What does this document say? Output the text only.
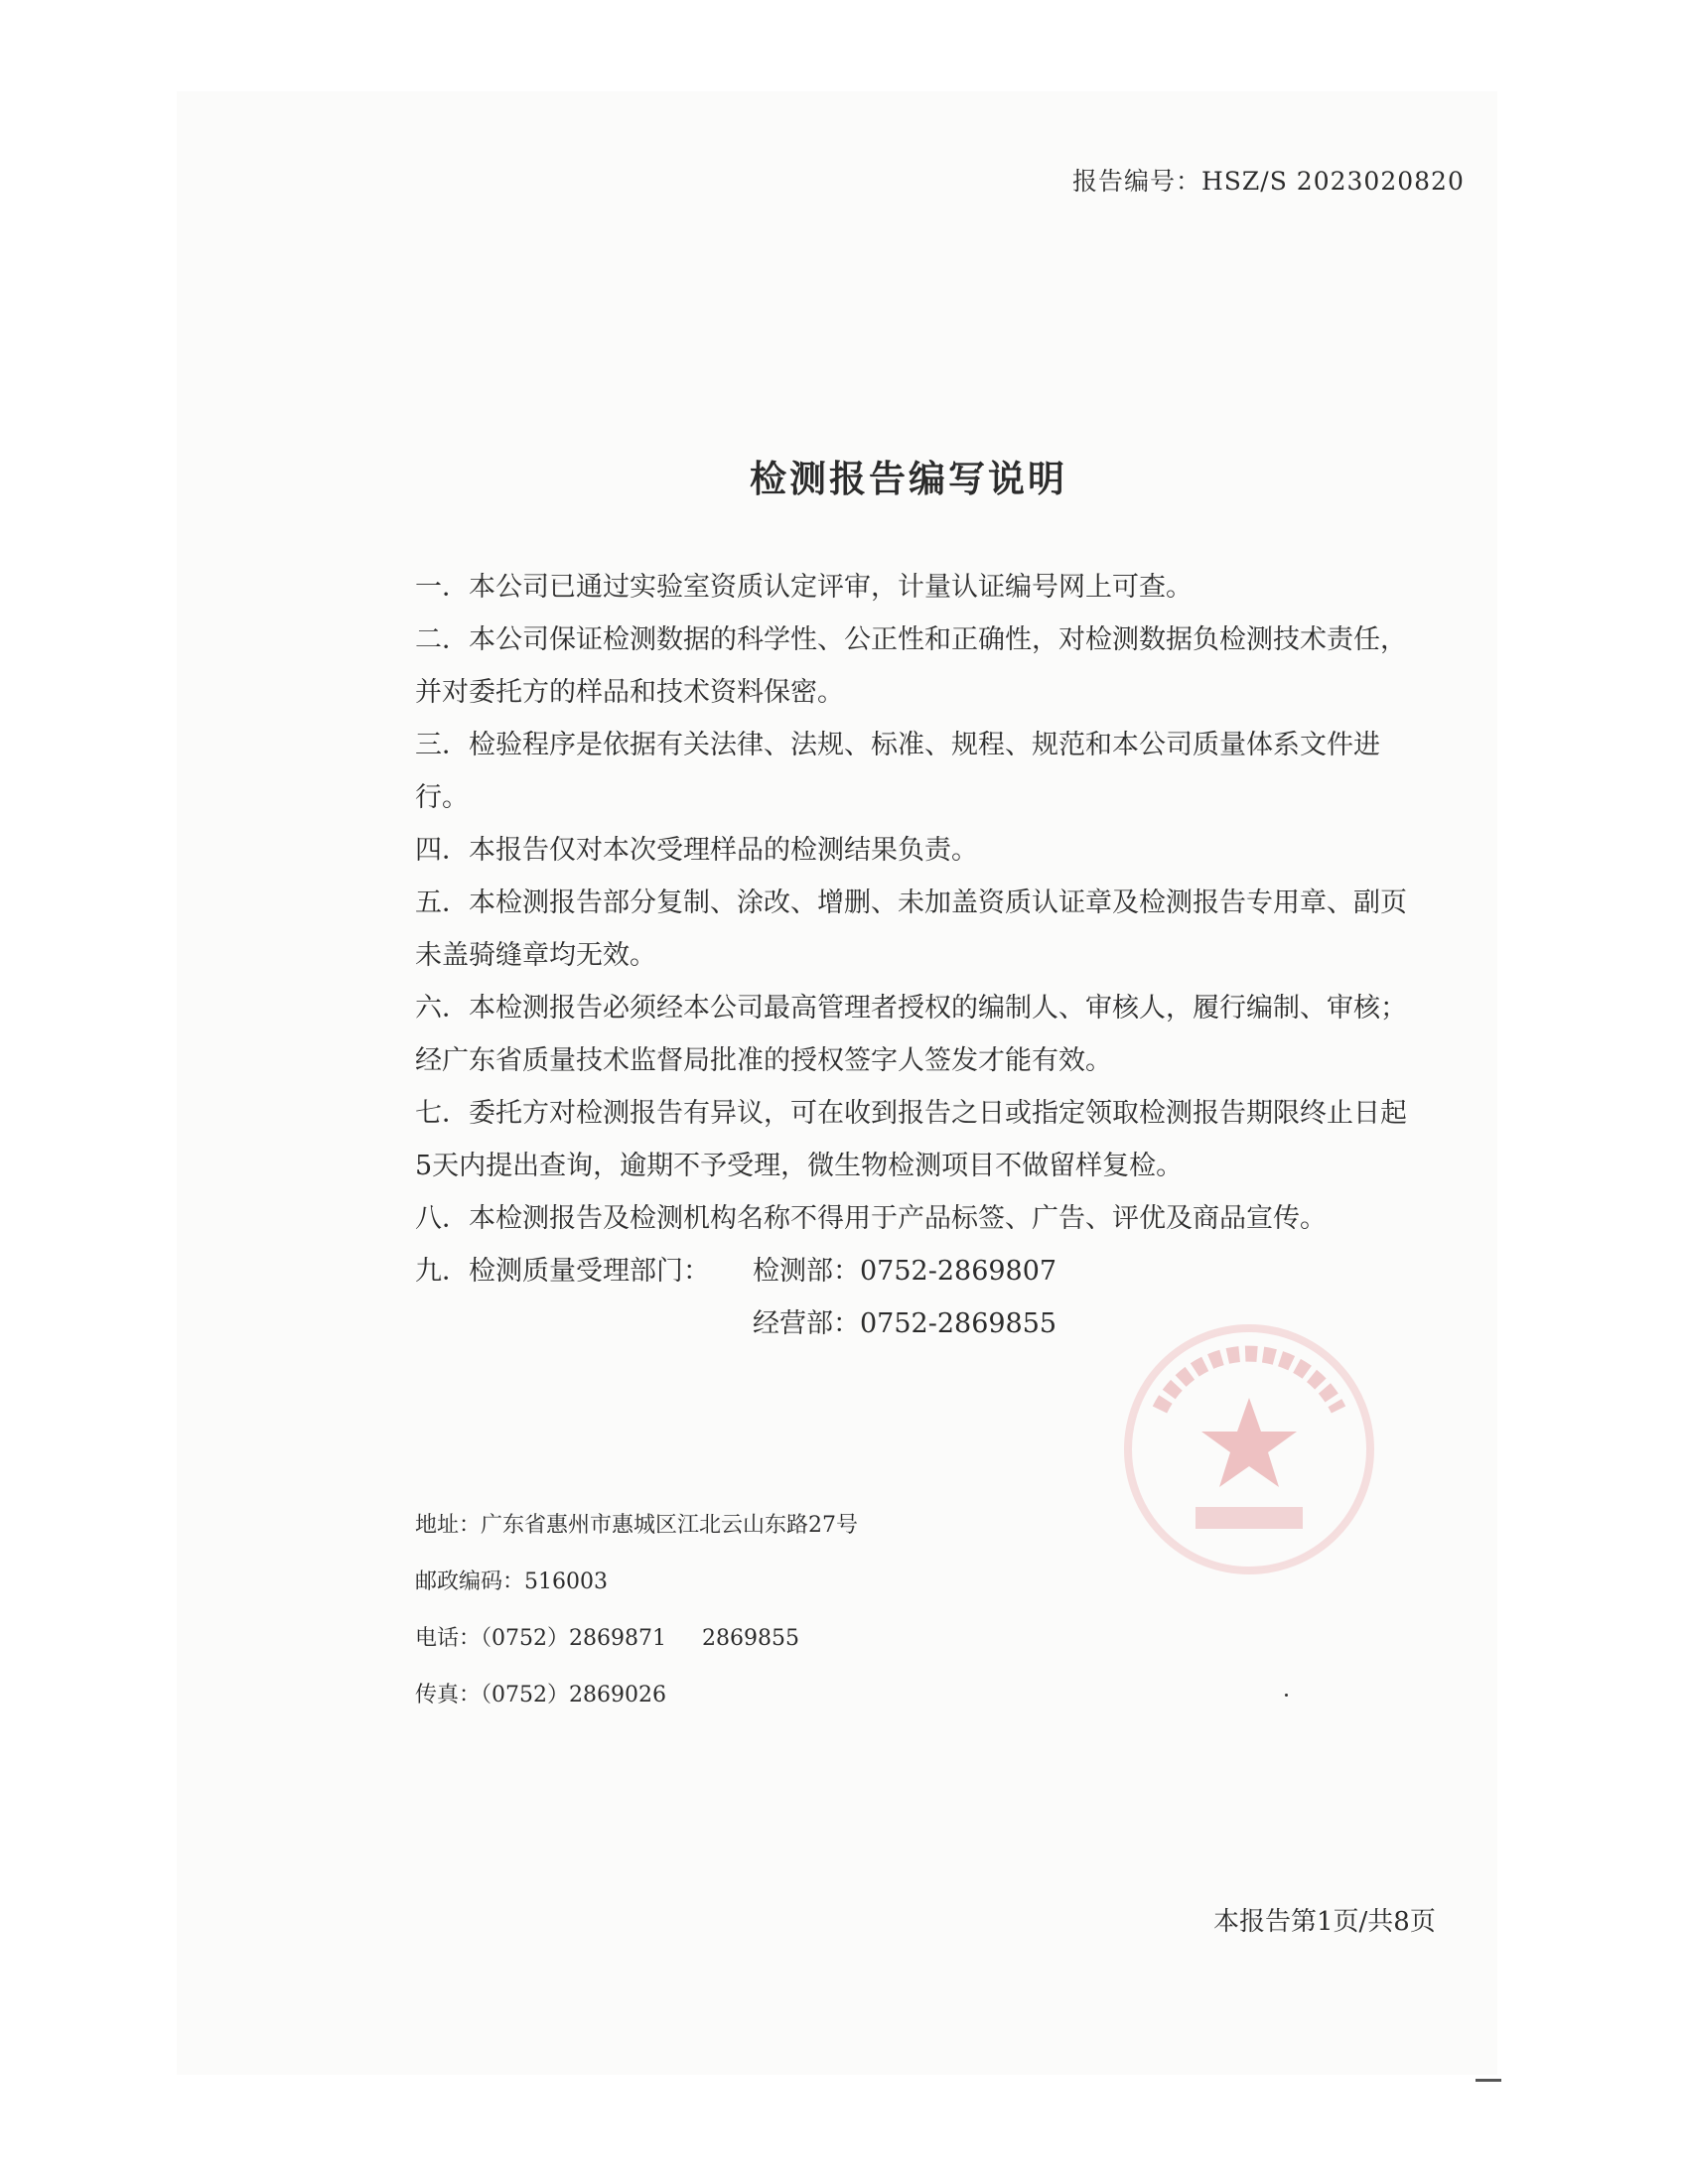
报告编号：HSZ/S 2023020820
检测报告编写说明

一．本公司已通过实验室资质认定评审，计量认证编号网上可查。

二．本公司保证检测数据的科学性、公正性和正确性，对检测数据负检测技术责任，并对委托方的样品和技术资料保密。

三．检验程序是依据有关法律、法规、标准、规程、规范和本公司质量体系文件进行。

四．本报告仅对本次受理样品的检测结果负责。

五．本检测报告部分复制、涂改、增删、未加盖资质认证章及检测报告专用章、副页未盖骑缝章均无效。

六．本检测报告必须经本公司最高管理者授权的编制人、审核人，履行编制、审核；经广东省质量技术监督局批准的授权签字人签发才能有效。

七．委托方对检测报告有异议，可在收到报告之日或指定领取检测报告期限终止日起5天内提出查询，逾期不予受理，微生物检测项目不做留样复检。

八．本检测报告及检测机构名称不得用于产品标签、广告、评优及商品宣传。

九．检测质量受理部门： 检测部：0752-2869807
经营部：0752-2869855
地址：广东省惠州市惠城区江北云山东路27号
邮政编码：516003
电话：（0752）2869871 2869855
传真：（0752）2869026
本报告第1页/共8页
